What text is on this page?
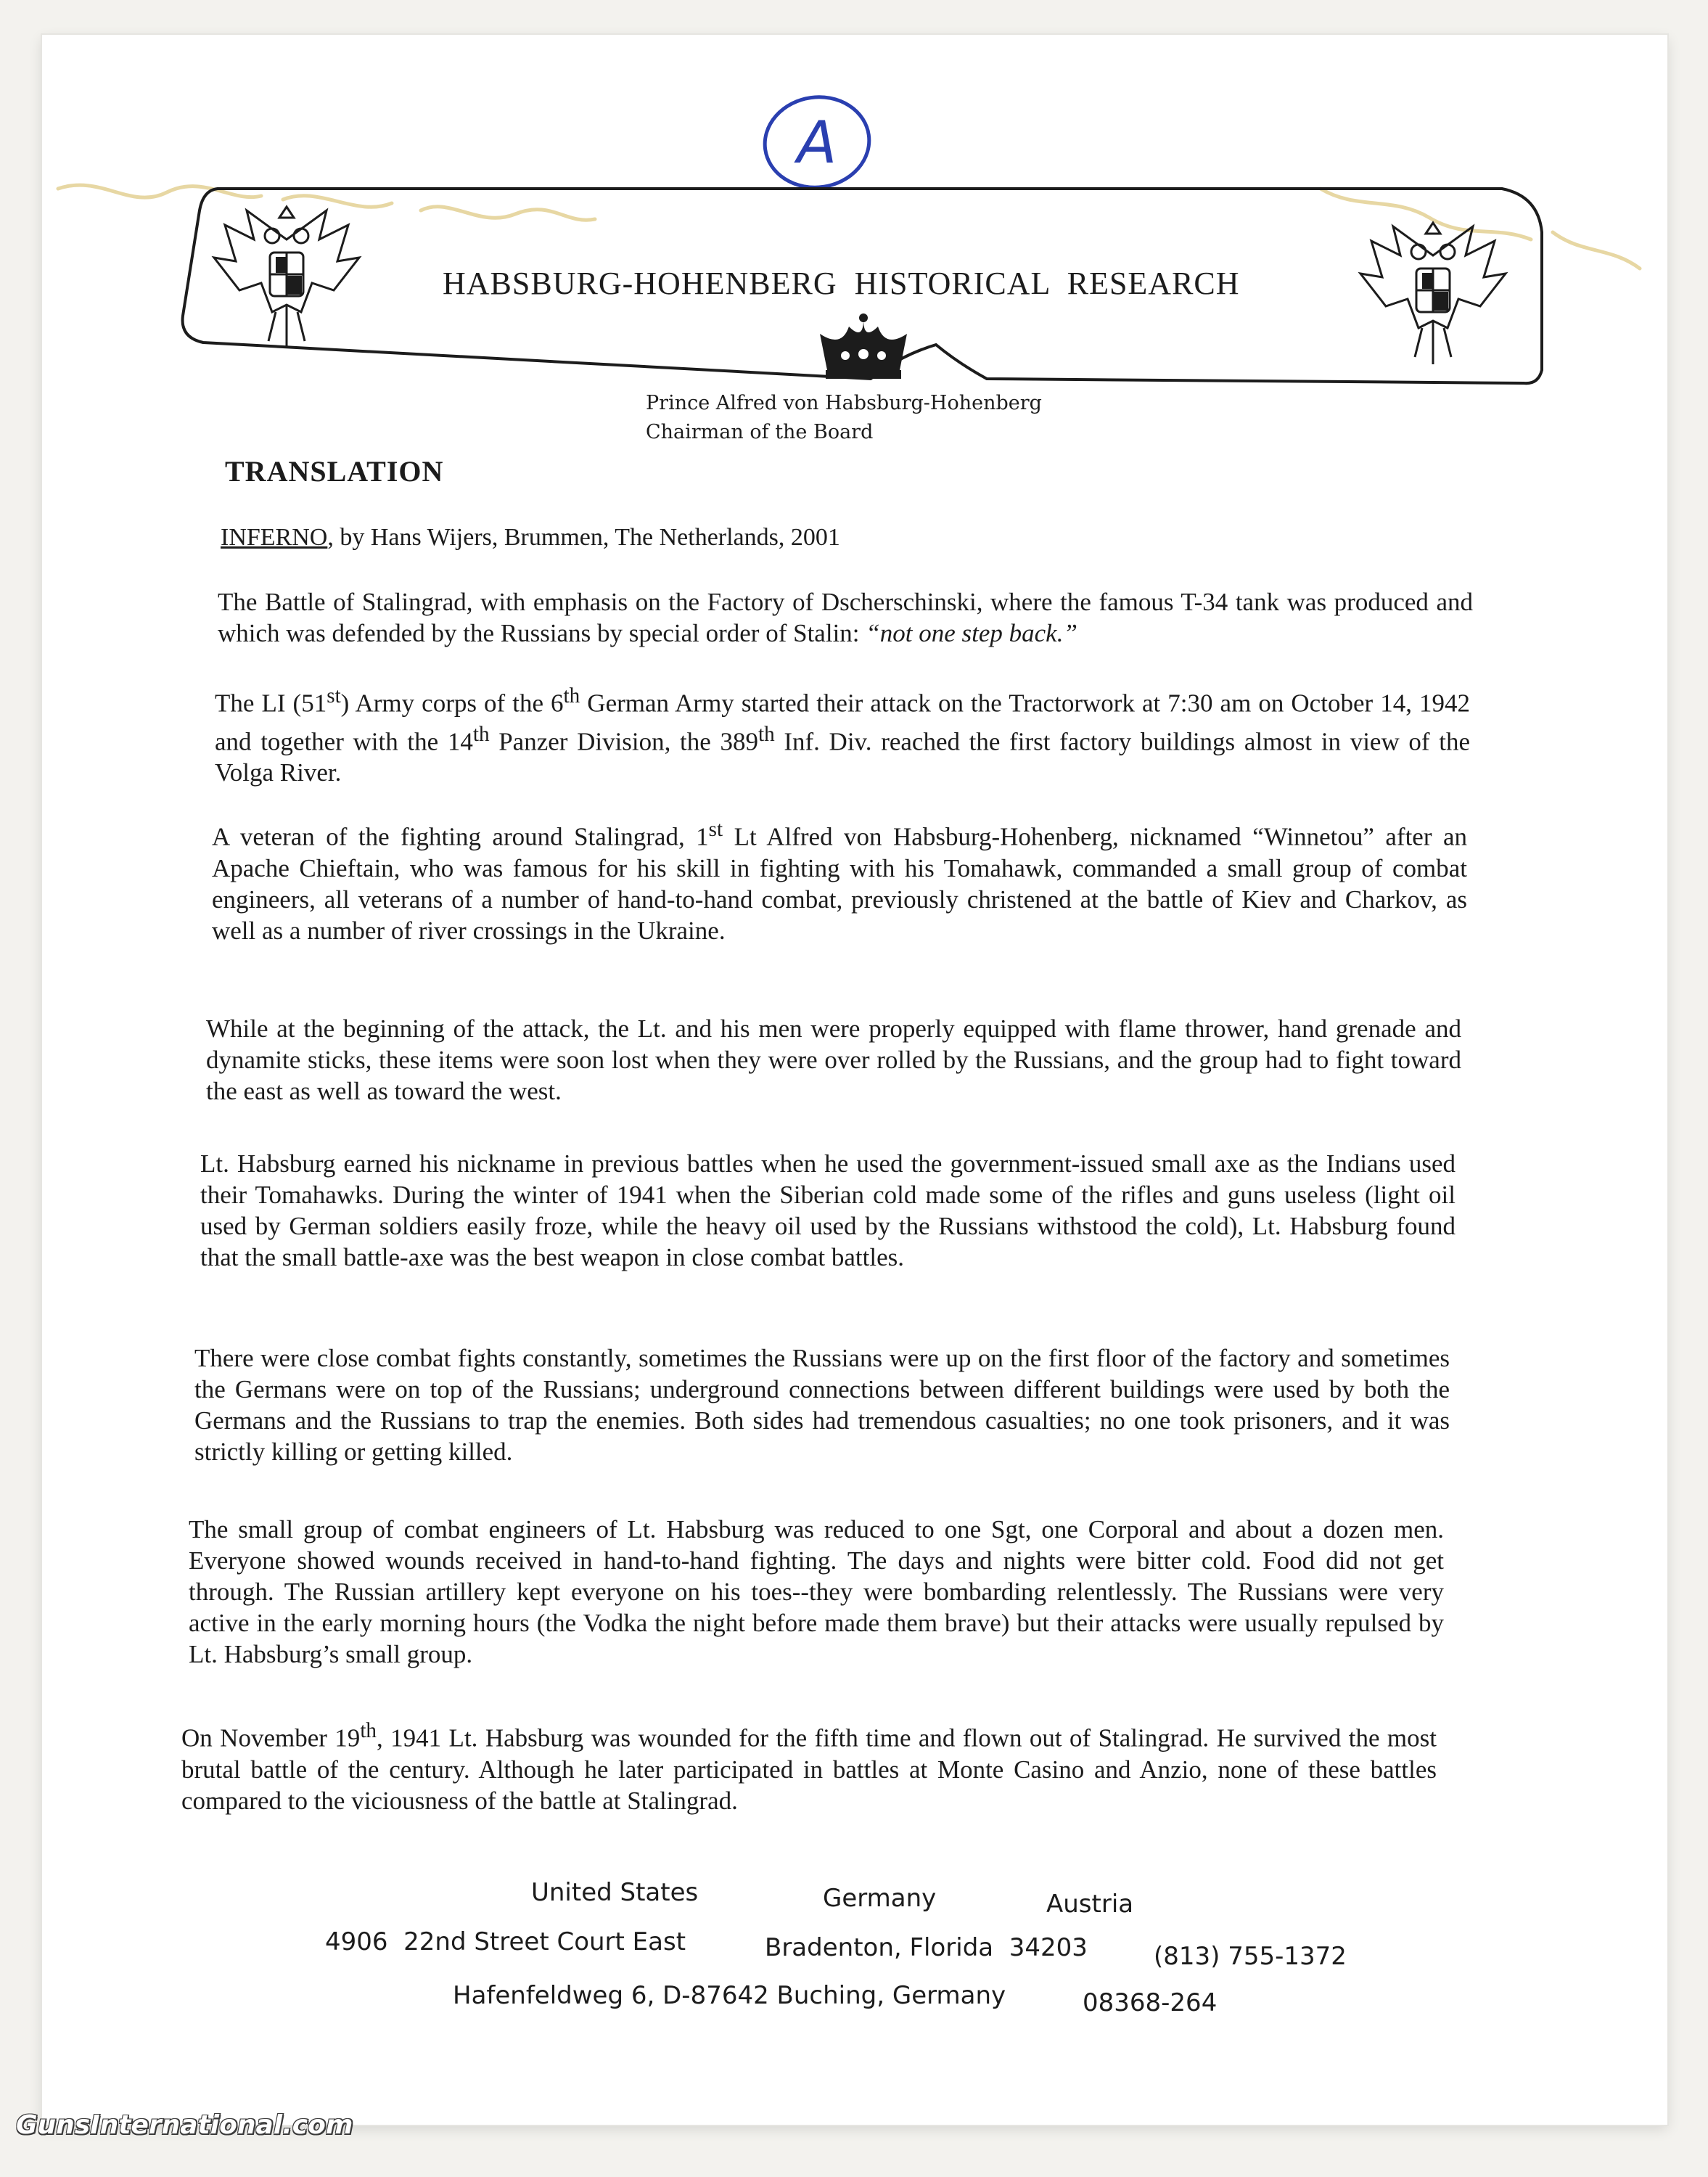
A
HABSBURG-HOHENBERG  HISTORICAL  RESEARCH
Prince Alfred von Habsburg-Hohenberg
Chairman of the Board
TRANSLATION
INFERNO, by Hans Wijers, Brummen, The Netherlands, 2001
The Battle of Stalingrad, with emphasis on the Factory of Dscherschinski, where the famous T-34 tank was produced and which was defended by the Russians by special order of Stalin: “not one step back.”
The LI (51st) Army corps of the 6th German Army started their attack on the Tractorwork at 7:30 am on October 14, 1942 and together with the 14th Panzer Division, the 389th Inf. Div. reached the first factory buildings almost in view of the Volga River.
A veteran of the fighting around Stalingrad, 1st Lt Alfred von Habsburg-Hohenberg, nicknamed “Winnetou” after an Apache Chieftain, who was famous for his skill in fighting with his Tomahawk, commanded a small group of combat engineers, all veterans of a number of hand-to-hand combat, previously christened at the battle of Kiev and Charkov, as well as a number of river crossings in the Ukraine.
While at the beginning of the attack, the Lt. and his men were properly equipped with flame thrower, hand grenade and dynamite sticks, these items were soon lost when they were over rolled by the Russians, and the group had to fight toward the east as well as toward the west.
Lt. Habsburg earned his nickname in previous battles when he used the government-issued small axe as the Indians used their Tomahawks. During the winter of 1941 when the Siberian cold made some of the rifles and guns useless (light oil used by German soldiers easily froze, while the heavy oil used by the Russians withstood the cold), Lt. Habsburg found that the small battle-axe was the best weapon in close combat battles.
There were close combat fights constantly, sometimes the Russians were up on the first floor of the factory and sometimes the Germans were on top of the Russians; underground connections between different buildings were used by both the Germans and the Russians to trap the enemies. Both sides had tremendous casualties; no one took prisoners, and it was strictly killing or getting killed.
The small group of combat engineers of Lt. Habsburg was reduced to one Sgt, one Corporal and about a dozen men. Everyone showed wounds received in hand-to-hand fighting. The days and nights were bitter cold. Food did not get through. The Russian artillery kept everyone on his toes--they were bombarding relentlessly. The Russians were very active in the early morning hours (the Vodka the night before made them brave) but their attacks were usually repulsed by Lt. Habsburg’s small group.
On November 19th, 1941 Lt. Habsburg was wounded for the fifth time and flown out of Stalingrad. He survived the most brutal battle of the century. Although he later participated in battles at Monte Casino and Anzio, none of these battles compared to the viciousness of the battle at Stalingrad.
United States	Germany	Austria
4906  22nd Street Court East	Bradenton, Florida  34203	(813) 755-1372
Hafenfeldweg 6, D-87642 Buching, Germany	08368-264
GunsInternational.com
